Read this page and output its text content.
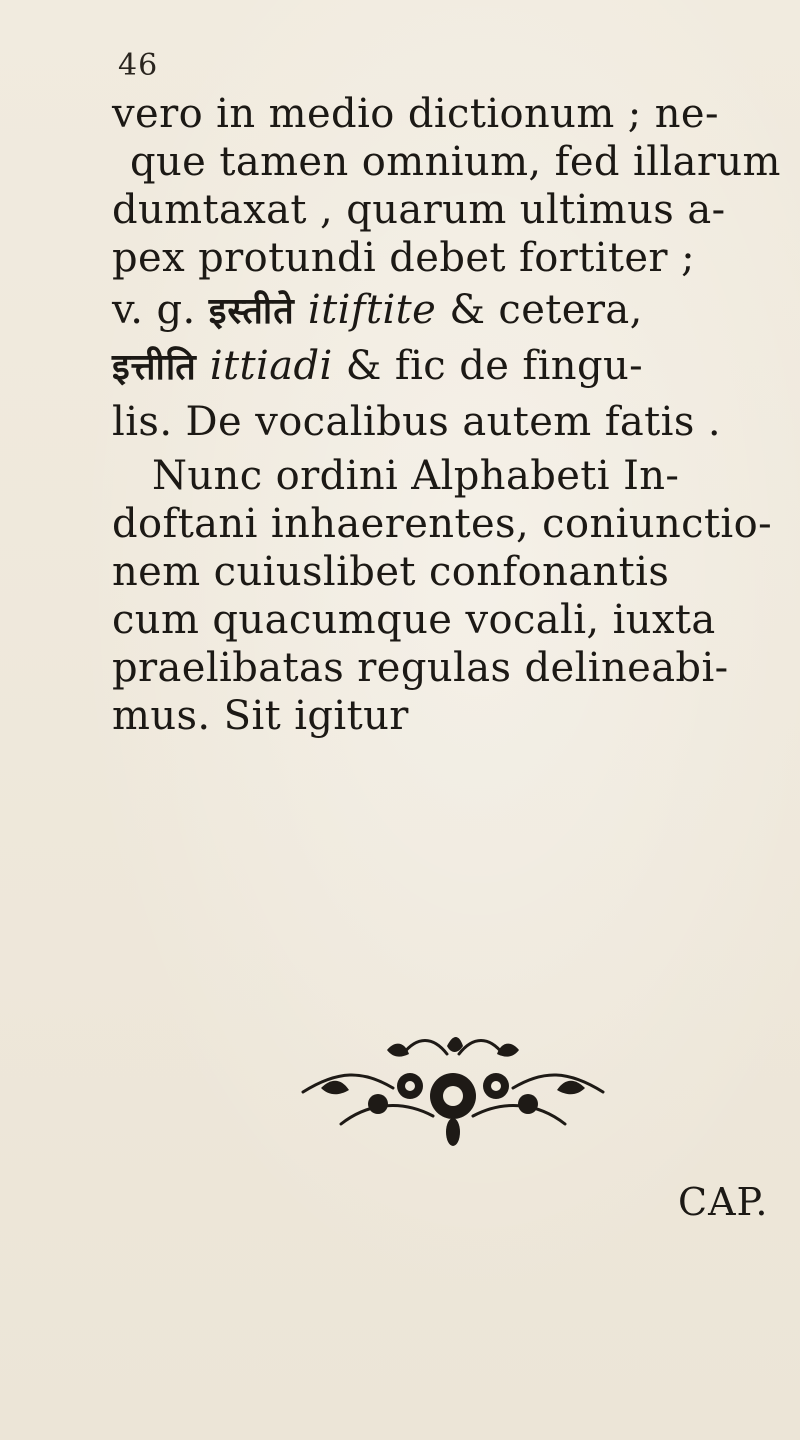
46
vero in medio dictionum ; ne-
que tamen omnium, fed illarum
dumtaxat , quarum ultimus a-
pex protundi debet fortiter ;
v. g. इस्तीते itiftite & cetera,
इत्तीति ittiadi & fic de fingu-
lis. De vocalibus autem fatis .
Nunc ordini Alphabeti In-
doftani inhaerentes, coniunctio-
nem cuiuslibet confonantis
cum quacumque vocali, iuxta
praelibatas regulas delineabi-
mus. Sit igitur
CAP.
